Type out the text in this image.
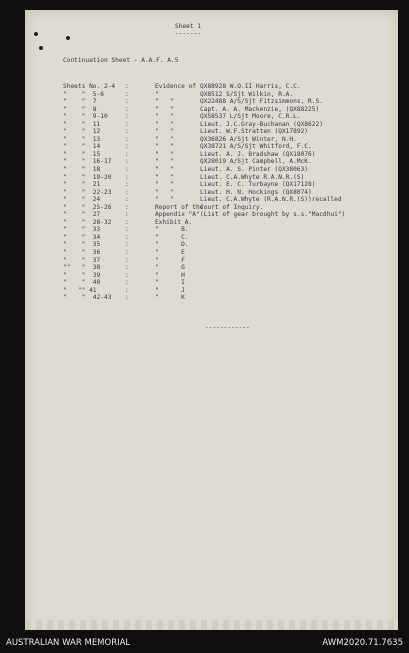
Sheet 1
-------
Continuation Sheet - A.A.F. A.5
Sheets No. 2-4	:	Evidence of QX88928 W.O.II Harris, C.C.
"    "  5-6	:	"	QX8512 S/Sjt Wilkin, R.A.
"    "  7	:	"   "	QX22488 A/S/Sjt Fitzsimmons, R.S.
"    "  8	:	"   "	Capt. A. A. Mackenzie, (QX88225)
"    "  9-10	:	"   "	QX58537 L/Sjt Moore, C.R.L.
"    "  11	:	"   "	Lieut. J.C.Gray-Buchanan (QX8622)
"    "  12	:	"   "	Lieut. W.F.Stratten (QX17892)
"    "  13	:	"   "	QX36826 A/Sjt Winter, N.H.
"    "  14	:	"   "	QX38721 A/S/Sjt Whitford, F.C.
"    "  15	:	"   "	Lieut. A. J. Bradshaw (QX18076)
"    "  16-17	:	"   "	QX28019 A/Sjt Campbell, A.McK.
"    "  18	:	"   "	Lieut. A. S. Pinter (QX38063)
"    "  19-20	:	"   "	Lieut. C.A.Whyte R.A.N.R.(S)
"    "  21	:	"   "	Lieut. E. C. Turbayne (QX17128)
"    "  22-23	:	"   "	Lieut. H. N. Hockings (QX8074)
"    "  24	:	"   "	Lieut. C.A.Whyte (R.A.N.R.(S))recalled
"    "  25-26	:	Report of the
Court of Inquiry.
"    "  27	:	Appendix "A" (List of gear brought by s.s."Macdhui")
"    "  28-32	:	Exhibit A.
"    "  33	:	"      B.
"    "  34	:	"      C.
"    "  35	:	"      D.
"    "  36	:	"      E
"    "  37	:	"      F
""   "  38	:	"      G
"    "  39	:	"      H
"    "  40	:	"      I
"   "" 41	:	"      J
"    "  42-43	:	"      K
------------
AUSTRALIAN WAR MEMORIAL	AWM2020.71.7635
